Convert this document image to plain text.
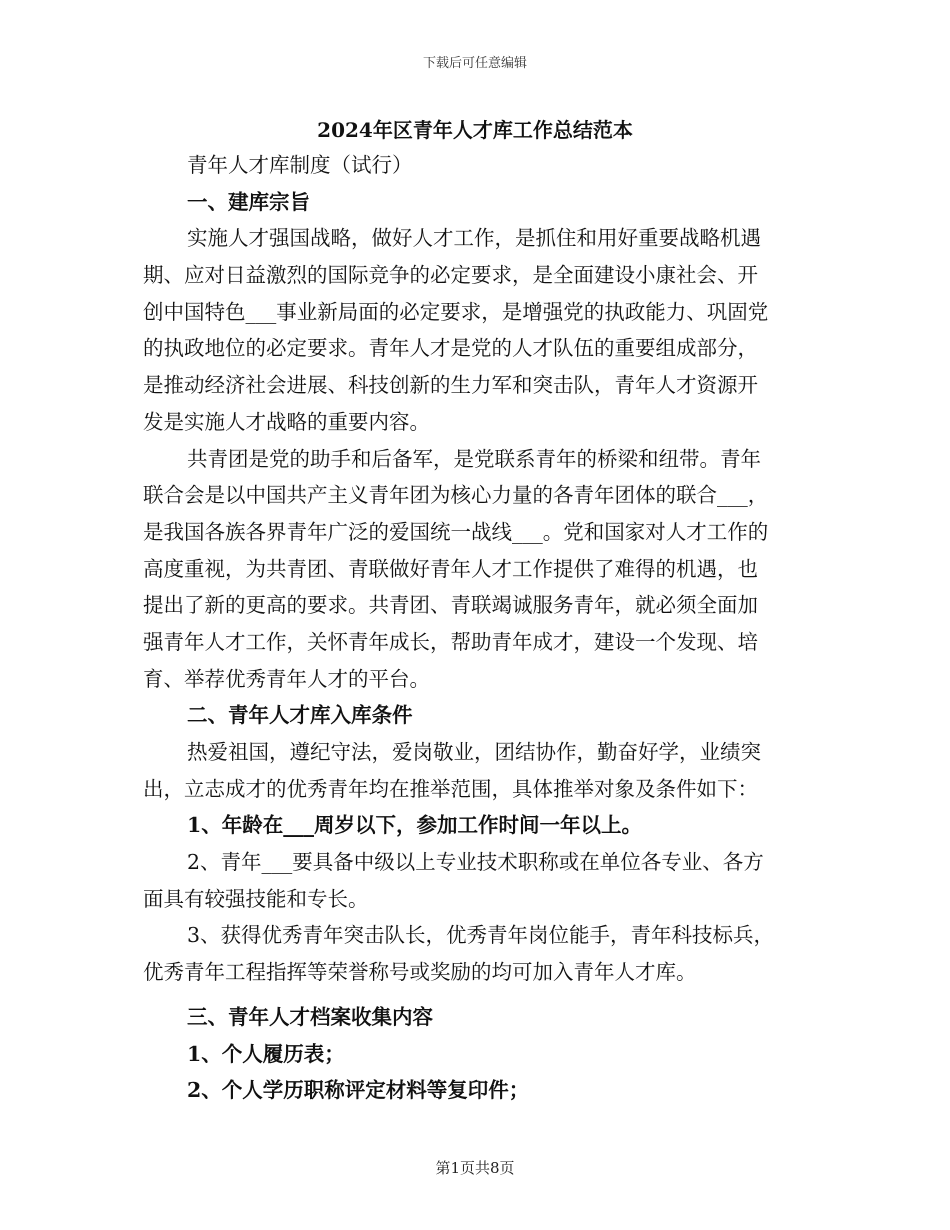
下载后可任意编辑
2024年区青年人才库工作总结范本
青年人才库制度（试行）
一、建库宗旨
实施人才强国战略，做好人才工作，是抓住和用好重要战略机遇
期、应对日益激烈的国际竞争的必定要求，是全面建设小康社会、开
创中国特色___事业新局面的必定要求，是增强党的执政能力、巩固党
的执政地位的必定要求。青年人才是党的人才队伍的重要组成部分，
是推动经济社会进展、科技创新的生力军和突击队，青年人才资源开
发是实施人才战略的重要内容。
共青团是党的助手和后备军，是党联系青年的桥梁和纽带。青年
联合会是以中国共产主义青年团为核心力量的各青年团体的联合___，
是我国各族各界青年广泛的爱国统一战线___。党和国家对人才工作的
高度重视，为共青团、青联做好青年人才工作提供了难得的机遇，也
提出了新的更高的要求。共青团、青联竭诚服务青年，就必须全面加
强青年人才工作，关怀青年成长，帮助青年成才，建设一个发现、培
育、举荐优秀青年人才的平台。
二、青年人才库入库条件
热爱祖国，遵纪守法，爱岗敬业，团结协作，勤奋好学，业绩突
出，立志成才的优秀青年均在推举范围，具体推举对象及条件如下：
1、年龄在___周岁以下，参加工作时间一年以上。
2、青年___要具备中级以上专业技术职称或在单位各专业、各方
面具有较强技能和专长。
3、获得优秀青年突击队长，优秀青年岗位能手，青年科技标兵，
优秀青年工程指挥等荣誉称号或奖励的均可加入青年人才库。
三、青年人才档案收集内容
1、个人履历表；
2、个人学历职称评定材料等复印件；
第1页共8页
